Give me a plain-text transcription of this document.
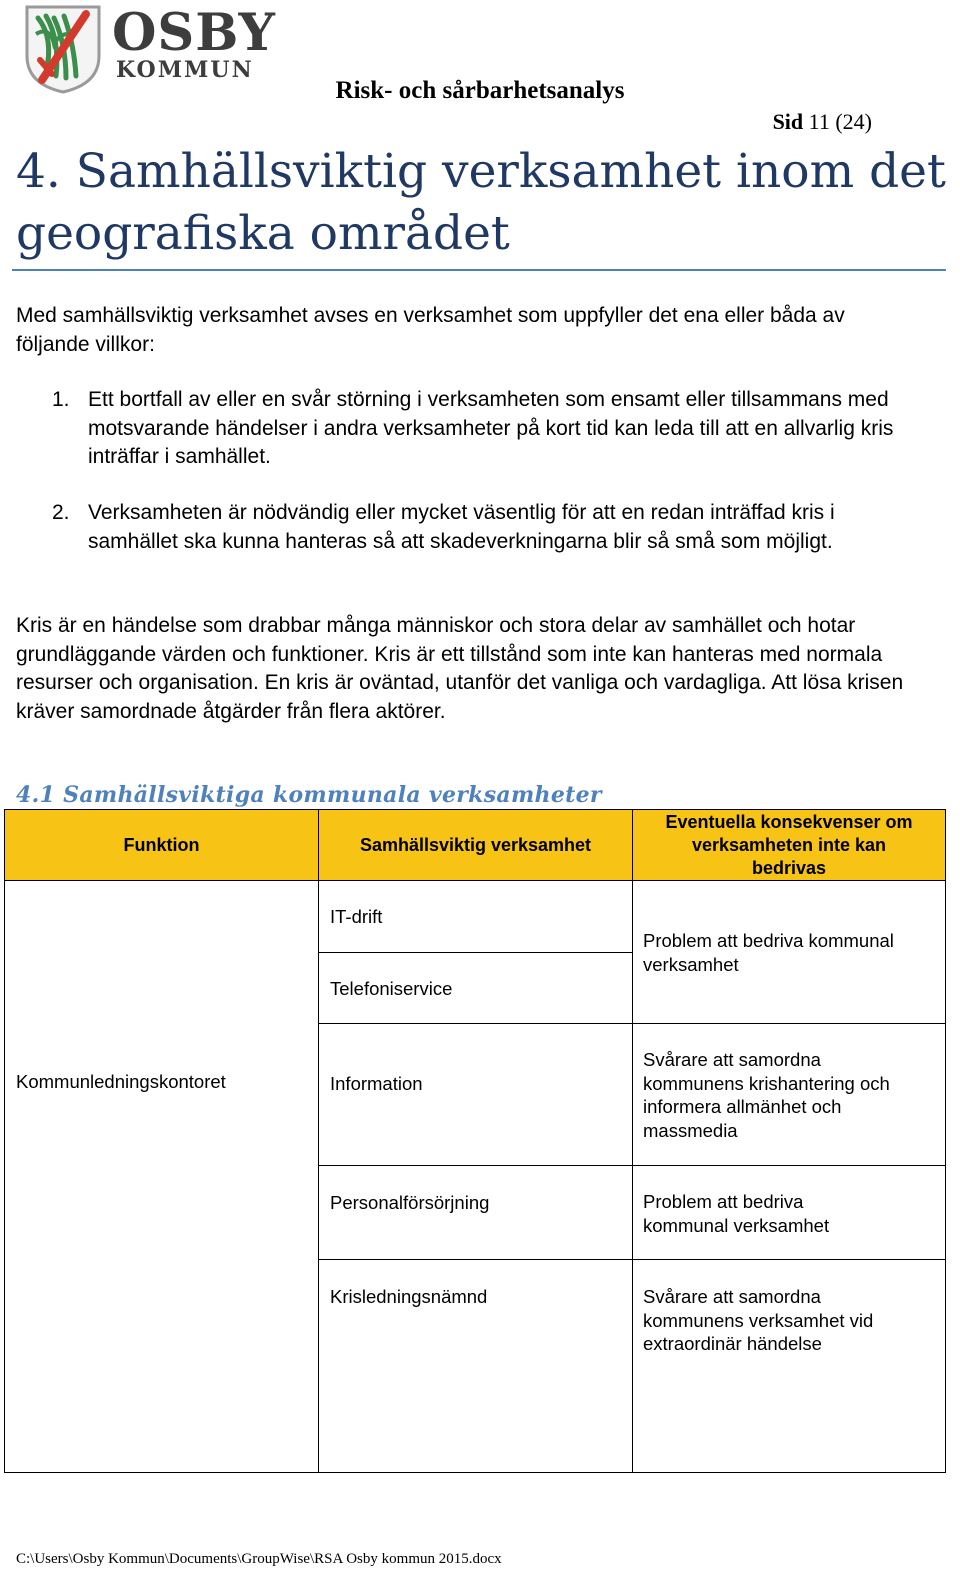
OSBY
KOMMUN
Risk- och sårbarhetsanalys
Sid 11 (24)
4. Samhällsviktig verksamhet inom det geografiska området
Med samhällsviktig verksamhet avses en verksamhet som uppfyller det ena eller båda av följande villkor:
1. Ett bortfall av eller en svår störning i verksamheten som ensamt eller tillsammans med motsvarande händelser i andra verksamheter på kort tid kan leda till att en allvarlig kris inträffar i samhället.
2. Verksamheten är nödvändig eller mycket väsentlig för att en redan inträffad kris i samhället ska kunna hanteras så att skadeverkningarna blir så små som möjligt.
Kris är en händelse som drabbar många människor och stora delar av samhället och hotar grundläggande värden och funktioner. Kris är ett tillstånd som inte kan hanteras med normala resurser och organisation. En kris är oväntad, utanför det vanliga och vardagliga. Att lösa krisen kräver samordnade åtgärder från flera aktörer.
4.1 Samhällsviktiga kommunala verksamheter
Funktion	Samhällsviktig verksamhet
Eventuella konsekvenser om verksamheten inte kan bedrivas
Kommunledningskontoret
IT-drift
Telefoniservice
Information
Personalförsörjning
Krisledningsnämnd
Problem att bedriva kommunal verksamhet
Svårare att samordna kommunens krishantering och informera allmänhet och massmedia
Problem att bedriva kommunal verksamhet
Svårare att samordna kommunens verksamhet vid extraordinär händelse
C:\Users\Osby Kommun\Documents\GroupWise\RSA Osby kommun 2015.docx
